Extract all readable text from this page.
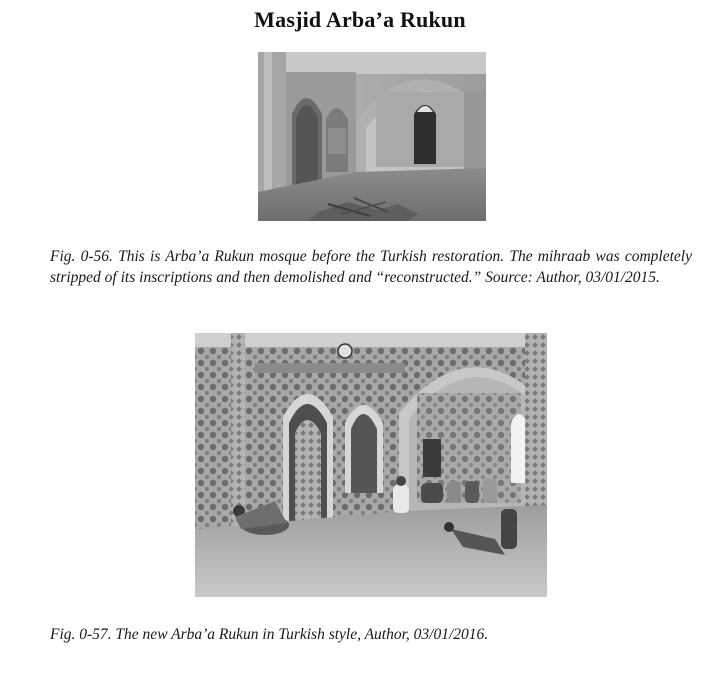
Masjid Arba’a Rukun
Fig. 0-56. This is Arba’a Rukun mosque before the Turkish restoration. The mihraab was completely stripped of its inscriptions and then demolished and “reconstructed.” Source: Author, 03/01/2015.
Fig. 0-57. The new Arba’a Rukun in Turkish style, Author, 03/01/2016.
